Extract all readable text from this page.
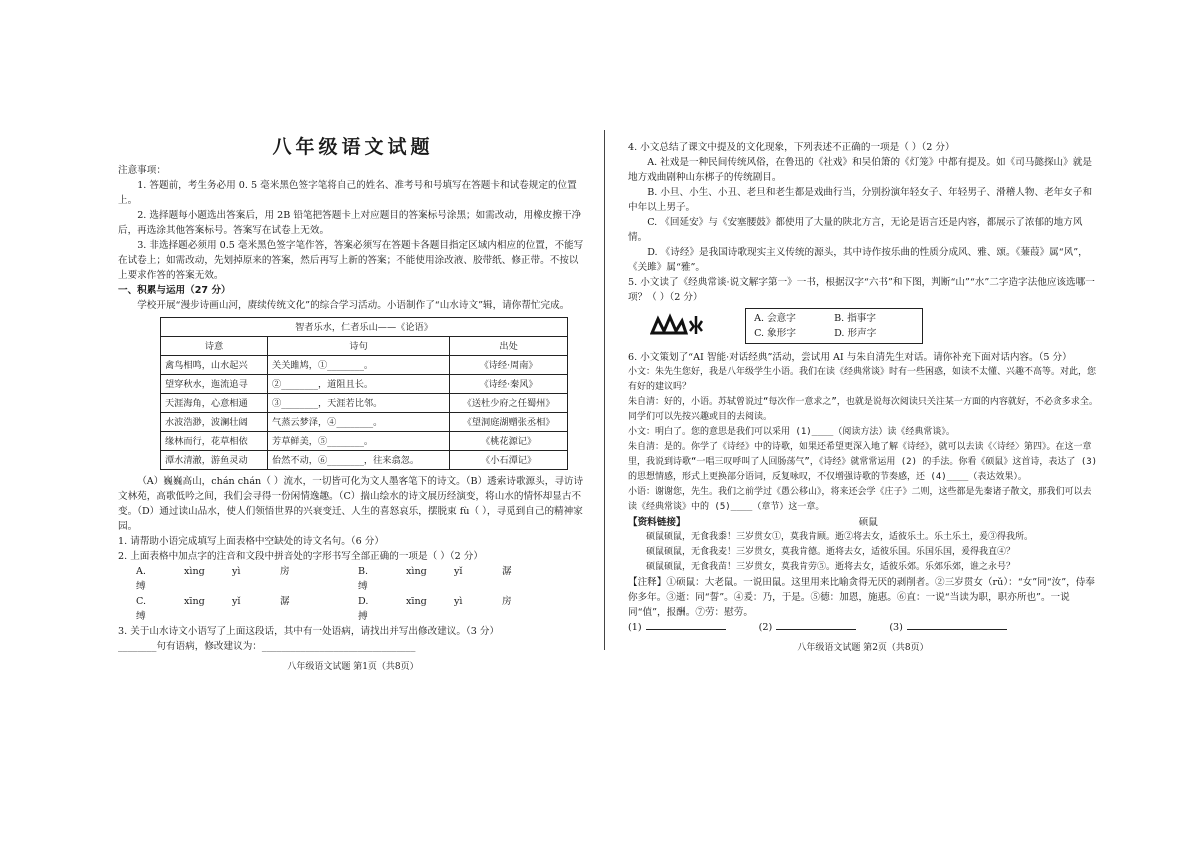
八年级语文试题

注意事项：

1. 答题前，考生务必用 0. 5 毫米黑色签字笔将自己的姓名、准考号和号填写在答题卡和试卷规定的位置上。

2. 选择题每小题选出答案后，用 2B 铅笔把答题卡上对应题目的答案标号涂黑；如需改动，用橡皮擦干净后，再选涂其他答案标号。答案写在试卷上无效。

3. 非选择题必须用 0.5 毫米黑色签字笔作答，答案必须写在答题卡各题目指定区域内相应的位置，不能写在试卷上；如需改动，先划掉原来的答案，然后再写上新的答案；不能使用涂改液、胶带纸、修正带。不按以上要求作答的答案无效。

一、积累与运用（27 分）

学校开展“漫步诗画山河，赓续传统文化”的综合学习活动。小语制作了“山水诗文”辑，请你帮忙完成。

智者乐水，仁者乐山——《论语》		
诗意	诗句	出处
禽鸟相鸣，山水起兴	关关雎鸠，①________。	《诗经·周南》
望穿秋水，迤流追寻	②________，道阻且长。	《诗经·秦风》
天涯海角，心意相通	③________，天涯若比邻。	《送杜少府之任蜀州》
水波浩渺，波澜壮阔	气蒸云梦泽，④________。	《望洞庭湖赠张丞相》
缘林而行，花草相依	芳草鲜美，⑤________。	《桃花源记》
潭水清澈，游鱼灵动	佁然不动，⑥________，往来翕忽。	《小石潭记》

（A）巍巍高山，chán chán（ ）流水，一切皆可化为文人墨客笔下的诗文。（B）透索诗歌源头，寻访诗文林苑，高歌低吟之间，我们会寻得一份闲情逸趣。（C）揣山绘水的诗文展历经演变，将山水的情怀却显古不变。（D）通过读山品水，使人们领悟世界的兴衰变迁、人生的喜怒哀乐，摆脱束 fù（ ），寻觅到自己的精神家园。

1. 请帮助小语完成填写上面表格中空缺处的诗文名句。（6 分）

2. 上面表格中加点字的注音和文段中拼音处的字形书写全部正确的一项是（ ）（2 分）

A.	xìng	yì	房缚
B.	xìng	yǐ	潺缚
C.	xīng	yǐ	潺缚
D.	xīng	yì	房搏

3. 关于山水诗文小语写了上面这段话，其中有一处语病，请找出并写出修改建议。（3 分）

________句有语病，修改建议为：________________________________

八年级语文试题 第1页（共8页）

4. 小文总结了课文中提及的文化现象，下列表述不正确的一项是（ ）（2 分）

A. 社戏是一种民间传统风俗，在鲁迅的《社戏》和吴伯箫的《灯笼》中都有提及。如《司马懿探山》就是地方戏曲剧种山东梆子的传统剧目。

B. 小旦、小生、小丑、老旦和老生都是戏曲行当，分别扮演年轻女子、年轻男子、滑稽人物、老年女子和中年以上男子。

C. 《回延安》与《安塞腰鼓》都使用了大量的陕北方言，无论是语言还是内容，都展示了浓郁的地方风情。

D. 《诗经》是我国诗歌现实主义传统的源头，其中诗作按乐曲的性质分成风、雅、颂。《蒹葭》属“风”，《关雎》属“雅”。

5. 小文读了《经典常谈·说文解字第一》一书，根据汉字“六书”和下图，判断“山”“水”二字造字法他应该选哪一项？（ ）（2 分）

A. 会意字	B. 指事字
C. 象形字	D. 形声字

6. 小文策划了“AI 智能·对话经典”活动，尝试用 AI 与朱自清先生对话。请你补充下面对话内容。（5 分）

小文：朱先生您好，我是八年级学生小语。我们在读《经典常谈》时有一些困惑，如读不太懂、兴趣不高等。对此，您有好的建议吗？

朱自清：好的，小语。苏轼曾说过“每次作一意求之”，也就是说每次阅读只关注某一方面的内容就好，不必贪多求全。同学们可以先按兴趣或目的去阅读。

小文：明白了。您的意思是我们可以采用 (1)____（阅读方法）读《经典常谈》。

朱自清：是的。你学了《诗经》中的诗歌，如果还希望更深入地了解《诗经》，就可以去读《〈诗经〉第四》。在这一章里，我说到诗歌“一唱三叹呼叫了人回肠荡气”，《诗经》就常常运用 (2) 的手法。你看《硕鼠》这首诗，表达了 (3) 的思想情感，形式上更换部分语词，反复咏叹，不仅增强诗歌的节奏感，还 (4)____（表达效果）。

小语：谢谢您，先生。我们之前学过《愚公移山》，将来还会学《庄子》二则，这些都是先秦诸子散文，那我们可以去读《经典常谈》中的 (5)____（章节）这一章。

【资料链接】	硕鼠

硕鼠硕鼠，无食我黍！三岁贯女①，莫我肯顾。逝②将去女，适彼乐土。乐土乐土，爰③得我所。

硕鼠硕鼠，无食我麦！三岁贯女，莫我肯德。逝将去女，适彼乐国。乐国乐国，爰得我直④？

硕鼠硕鼠，无食我苗！三岁贯女，莫我肯劳⑤。逝将去女，适彼乐郊。乐郊乐郊，谁之永号？

【注释】①硕鼠：大老鼠。一说田鼠。这里用来比喻贪得无厌的剥削者。②三岁贯女（rǔ）：“女”同“汝”，侍奉你多年。③逝：同“誓”。④爰：乃，于是。⑤德：加恩，施惠。⑥直：一说“当读为职，职亦所也”。一说同“值”，报酬。⑦劳：慰劳。

(1)	(2)	(3)

八年级语文试题 第2页（共8页）
